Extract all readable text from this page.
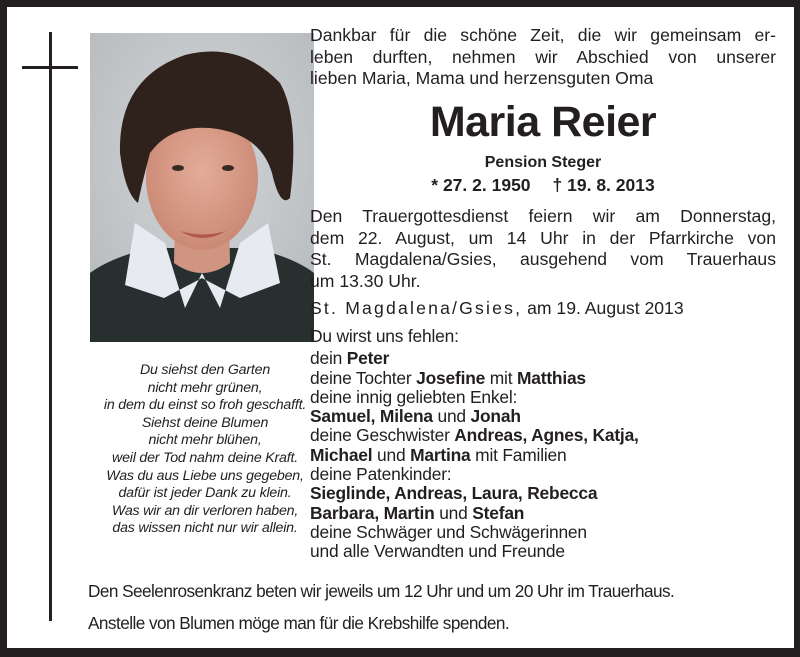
Du siehst den Garten
nicht mehr grünen,
in dem du einst so froh geschafft.
Siehst deine Blumen
nicht mehr blühen,
weil der Tod nahm deine Kraft.
Was du aus Liebe uns gegeben,
dafür ist jeder Dank zu klein.
Was wir an dir verloren haben,
das wissen nicht nur wir allein.
Dankbar für die schöne Zeit, die wir gemeinsam er-
leben durften, nehmen wir Abschied von unserer
lieben Maria, Mama und herzensguten Oma
Maria Reier
Pension Steger
* 27. 2. 1950 † 19. 8. 2013
Den Trauergottesdienst feiern wir am Donnerstag,
dem 22. August, um 14 Uhr in der Pfarrkirche von
St. Magdalena/Gsies, ausgehend vom Trauerhaus
um 13.30 Uhr.
St. Magdalena/Gsies, am 19. August 2013
Du wirst uns fehlen:
dein Peter
deine Tochter Josefine mit Matthias
deine innig geliebten Enkel:
Samuel, Milena und Jonah
deine Geschwister Andreas, Agnes, Katja,
Michael und Martina mit Familien
deine Patenkinder:
Sieglinde, Andreas, Laura, Rebecca
Barbara, Martin und Stefan
deine Schwäger und Schwägerinnen
und alle Verwandten und Freunde
Den Seelenrosenkranz beten wir jeweils um 12 Uhr und um 20 Uhr im Trauerhaus.
Anstelle von Blumen möge man für die Krebshilfe spenden.
